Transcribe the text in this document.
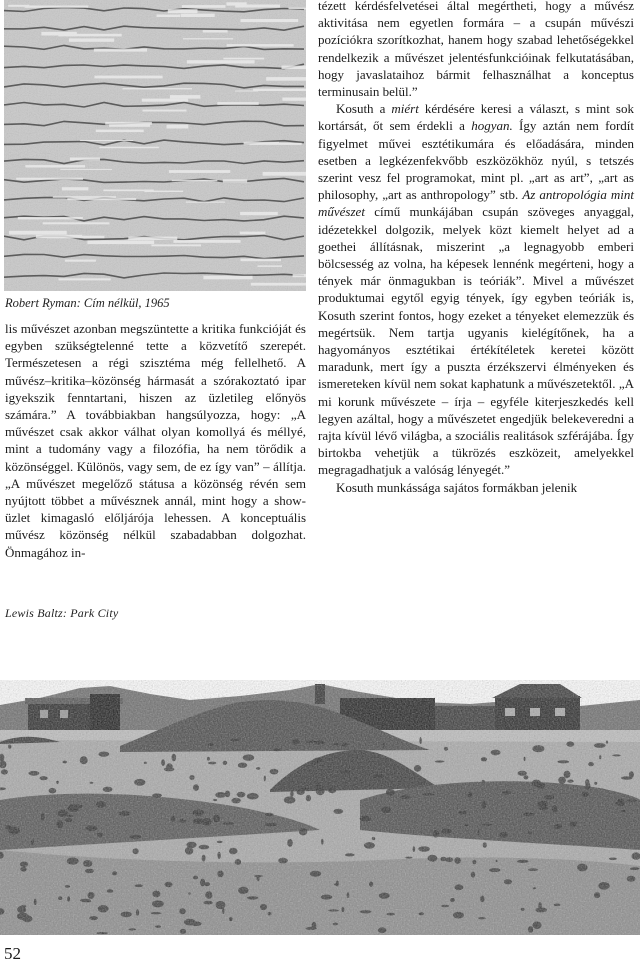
Robert Ryman: Cím nélkül, 1965

lis művészet azonban megszüntette a kritika funkcióját és egyben szükségtelenné tette a közvetítő szerepét. Természetesen a régi szisztéma még fellelhető. A művész–kritika–közönség hármasát a szórakoztató ipar igyekszik fenntartani, hiszen az üzletileg előnyös számára.” A továbbiakban hangsúlyozza, hogy: „A művészet csak akkor válhat olyan komollyá és méllyé, mint a tudomány vagy a filozófia, ha nem törődik a közönséggel. Különös, vagy sem, de ez így van” – állítja. „A művészet megelőző státusa a közönség révén sem nyújtott többet a művésznek annál, mint hogy a show-üzlet kimagasló előljárója lehessen. A konceptuális művész közönség nélkül szabadabban dolgozhat. Önmagához in-

tézett kérdésfelvetései által megértheti, hogy a művész aktivitása nem egyetlen formára – a csupán művészi pozíciókra szorítkozhat, hanem hogy szabad lehetőségekkel rendelkezik a művészet jelentésfunkcióinak felkutatásában, hogy javaslataihoz bármit felhasználhat a konceptus terminusain belül.”

Kosuth a miért kérdésére keresi a választ, s mint sok kortársát, őt sem érdekli a hogyan. Így aztán nem fordít figyelmet művei esztétikumára és előadására, minden esetben a legkézenfekvőbb eszközökhöz nyúl, s tetszés szerint vesz fel programokat, mint pl. „art as art”, „art as philosophy, „art as anthropology” stb. Az antropológia mint művészet című munkájában csupán szöveges anyaggal, idézetekkel dolgozik, melyek közt kiemelt helyet ad a goethei állításnak, miszerint „a legnagyobb emberi bölcsesség az volna, ha képesek lennénk megérteni, hogy a tények már önmagukban is teóriák”. Mivel a művészet produktumai egytől egyig tények, így egyben teóriák is, Kosuth szerint fontos, hogy ezeket a tényeket elemezzük és megértsük. Nem tartja ugyanis kielégítőnek, ha a hagyományos esztétikai értékítéletek keretei között maradunk, mert így a puszta érzékszervi élményeken és ismereteken kívül nem sokat kaphatunk a művészetektől. „A mi korunk művészete – írja – egyféle kiterjeszkedés kell legyen azáltal, hogy a művészetet engedjük belekeveredni a rajta kívül lévő világba, a szociális realitások szférájába. Így birtokba vehetjük a tükrözés eszközeit, amelyekkel megragadhatjuk a valóság lényegét.”

Kosuth munkássága sajátos formákban jelenik

Lewis Baltz: Park City
52
